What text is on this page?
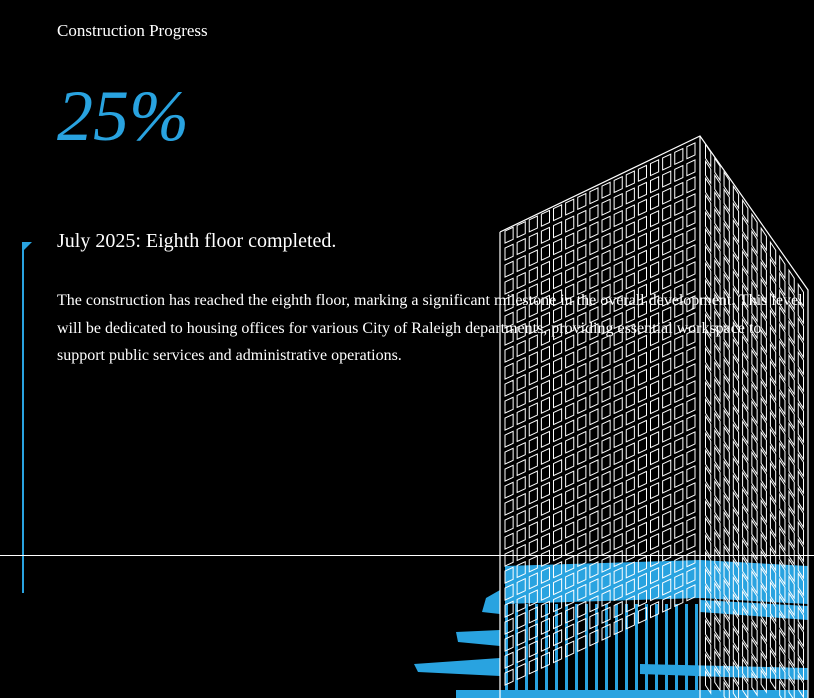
Construction Progress
25%
July 2025: Eighth floor completed.
The construction has reached the eighth floor, marking a significant milestone in the overall development. This level will be dedicated to housing offices for various City of Raleigh departments, providing essential workspace to support public services and administrative operations.
